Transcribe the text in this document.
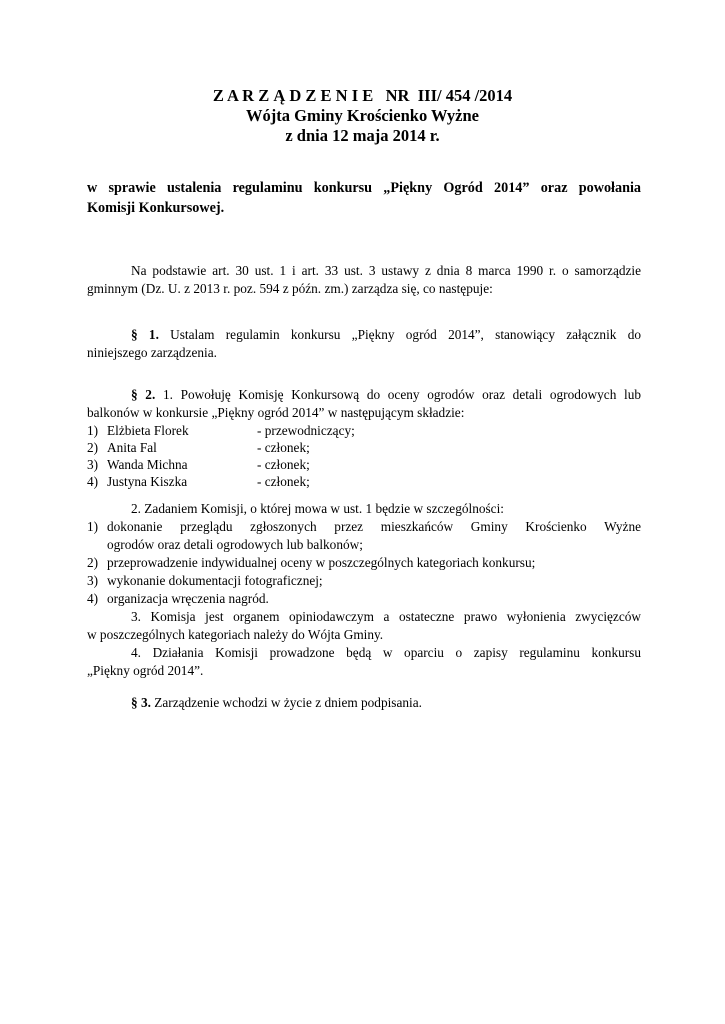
Z A R Z Ą D Z E N I E   NR  III/ 454 /2014
Wójta Gminy Krościenko Wyżne
z dnia 12 maja 2014 r.
w sprawie ustalenia regulaminu konkursu „Piękny Ogród 2014” oraz powołania
Komisji Konkursowej.
Na podstawie art. 30 ust. 1 i art. 33 ust. 3 ustawy z dnia 8 marca 1990 r. o samorządzie
gminnym (Dz. U. z 2013 r. poz. 594 z późn. zm.) zarządza się, co następuje:
§ 1. Ustalam regulamin konkursu „Piękny ogród 2014”, stanowiący załącznik do
niniejszego zarządzenia.
§ 2. 1. Powołuję Komisję Konkursową do oceny ogrodów oraz detali ogrodowych lub
balkonów w konkursie „Piękny ogród 2014” w następującym składzie:
1) Elżbieta Florek	- przewodniczący;
2) Anita Fal	- członek;
3) Wanda Michna	- członek;
4) Justyna Kiszka	- członek;
2. Zadaniem Komisji, o której mowa w ust. 1 będzie w szczególności:
1) dokonanie przeglądu zgłoszonych przez mieszkańców Gminy Krościenko Wyżne
ogrodów oraz detali ogrodowych lub balkonów;
2) przeprowadzenie indywidualnej oceny w poszczególnych kategoriach konkursu;
3) wykonanie dokumentacji fotograficznej;
4) organizacja wręczenia nagród.
3. Komisja jest organem opiniodawczym a ostateczne prawo wyłonienia zwycięzców
w poszczególnych kategoriach należy do Wójta Gminy.
4. Działania Komisji prowadzone będą w oparciu o zapisy regulaminu konkursu
„Piękny ogród 2014”.
§ 3. Zarządzenie wchodzi w życie z dniem podpisania.
